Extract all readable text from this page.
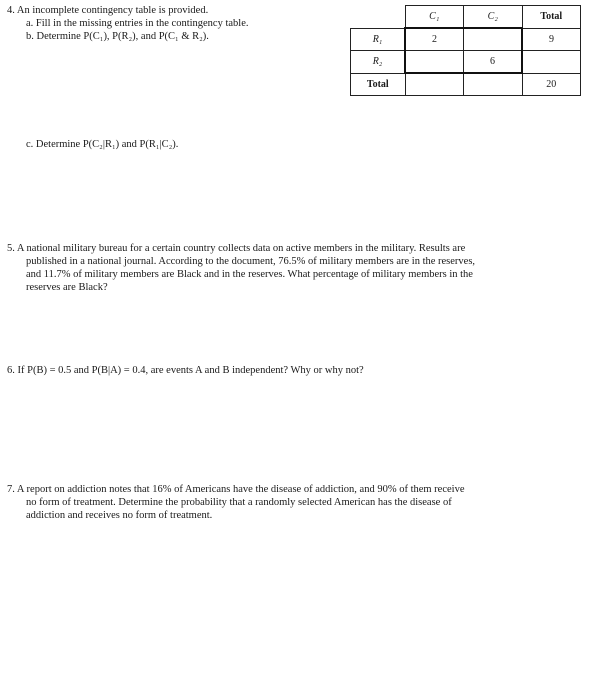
4. An incomplete contingency table is provided.
a. Fill in the missing entries in the contingency table.
b. Determine P(C₁), P(R₂), and P(C₁ & R₂).
	C₁	C₂	Total
R₁	2		9
R₂		6	
Total			20
c. Determine P(C₂|R₁) and P(R₁|C₂).
5. A national military bureau for a certain country collects data on active members in the military. Results are
published in a national journal. According to the document, 76.5% of military members are in the reserves,
and 11.7% of military members are Black and in the reserves. What percentage of military members in the
reserves are Black?
6. If P(B) = 0.5 and P(B|A) = 0.4, are events A and B independent? Why or why not?
7. A report on addiction notes that 16% of Americans have the disease of addiction, and 90% of them receive
no form of treatment. Determine the probability that a randomly selected American has the disease of
addiction and receives no form of treatment.
